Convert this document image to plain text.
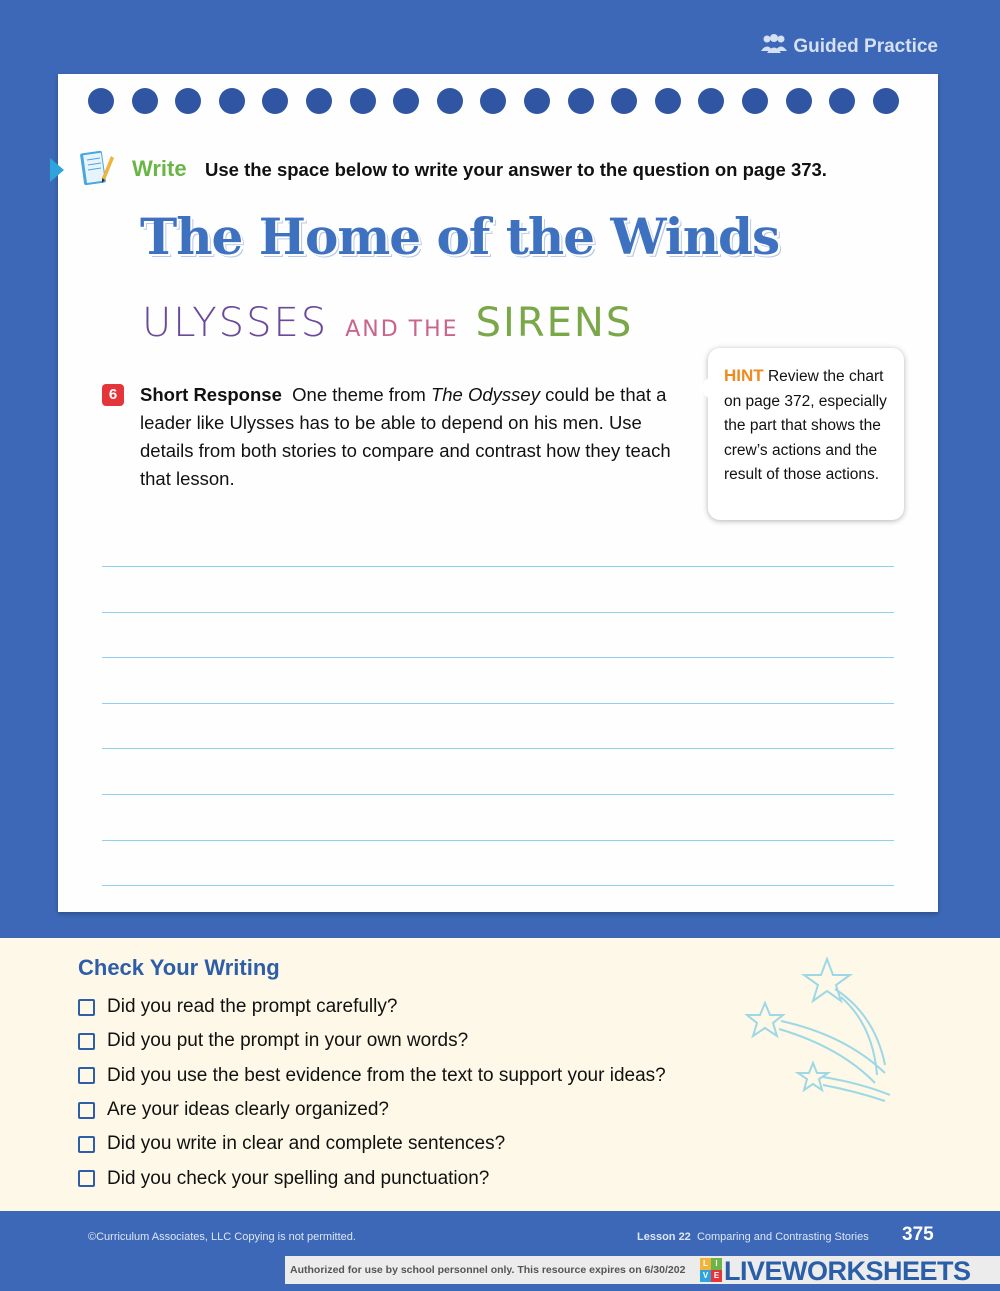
Guided Practice
Write Use the space below to write your answer to the question on page 373.
The Home of the Winds
ULYSSES AND THE SIRENS
6	Short Response One theme from The Odyssey could be that a leader like Ulysses has to be able to depend on his men. Use details from both stories to compare and contrast how they teach that lesson.
HINT Review the chart on page 372, especially the part that shows the crew’s actions and the result of those actions.
Check Your Writing
Did you read the prompt carefully?
Did you put the prompt in your own words?
Did you use the best evidence from the text to support your ideas?
Are your ideas clearly organized?
Did you write in clear and complete sentences?
Did you check your spelling and punctuation?
©Curriculum Associates, LLC Copying is not permitted.	Lesson 22 Comparing and Contrasting Stories 375
Authorized for use by school personnel only. This resource expires on 6/30/202
L I
V E LIVEWORKSHEETS
